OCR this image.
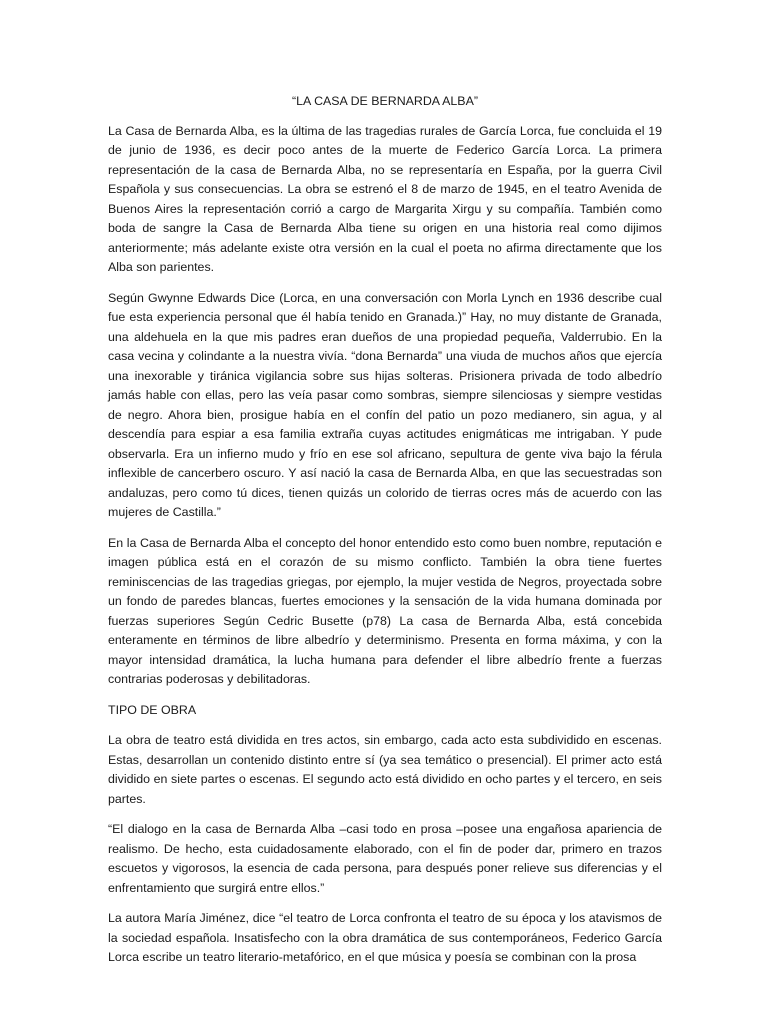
“LA CASA DE BERNARDA ALBA”

La Casa de Bernarda Alba, es la última de las tragedias rurales de García Lorca, fue concluida el 19 de junio de 1936, es decir poco antes de la muerte de Federico García Lorca. La primera representación de la casa de Bernarda Alba, no se representaría en España, por la guerra Civil Española y sus consecuencias. La obra se estrenó el 8 de marzo de 1945, en el teatro Avenida de Buenos Aires la representación corrió a cargo de Margarita Xirgu y su compañía. También como boda de sangre la Casa de Bernarda Alba tiene su origen en una historia real como dijimos anteriormente; más adelante existe otra versión en la cual el poeta no afirma directamente que los Alba son parientes.

Según Gwynne Edwards Dice (Lorca, en una conversación con Morla Lynch en 1936 describe cual fue esta experiencia personal que él había tenido en Granada.)” Hay, no muy distante de Granada, una aldehuela en la que mis padres eran dueños de una propiedad pequeña, Valderrubio. En la casa vecina y colindante a la nuestra vivía. “dona Bernarda” una viuda de muchos años que ejercía una inexorable y tiránica vigilancia sobre sus hijas solteras. Prisionera privada de todo albedrío jamás hable con ellas, pero las veía pasar como sombras, siempre silenciosas y siempre vestidas de negro. Ahora bien, prosigue había en el confín del patio un pozo medianero, sin agua, y al descendía para espiar a esa familia extraña cuyas actitudes enigmáticas me intrigaban. Y pude observarla. Era un infierno mudo y frío en ese sol africano, sepultura de gente viva bajo la férula inflexible de cancerbero oscuro. Y así nació la casa de Bernarda Alba, en que las secuestradas son andaluzas, pero como tú dices, tienen quizás un colorido de tierras ocres más de acuerdo con las mujeres de Castilla.”

En la Casa de Bernarda Alba el concepto del honor entendido esto como buen nombre, reputación e imagen pública está en el corazón de su mismo conflicto. También la obra tiene fuertes reminiscencias de las tragedias griegas, por ejemplo, la mujer vestida de Negros, proyectada sobre un fondo de paredes blancas, fuertes emociones y la sensación de la vida humana dominada por fuerzas superiores Según Cedric Busette (p78) La casa de Bernarda Alba, está concebida enteramente en términos de libre albedrío y determinismo. Presenta en forma máxima, y con la mayor intensidad dramática, la lucha humana para defender el libre albedrío frente a fuerzas contrarias poderosas y debilitadoras.

TIPO DE OBRA

La obra de teatro está dividida en tres actos, sin embargo, cada acto esta subdividido en escenas. Estas, desarrollan un contenido distinto entre sí (ya sea temático o presencial). El primer acto está dividido en siete partes o escenas. El segundo acto está dividido en ocho partes y el tercero, en seis partes.

“El dialogo en la casa de Bernarda Alba –casi todo en prosa –posee una engañosa apariencia de realismo. De hecho, esta cuidadosamente elaborado, con el fin de poder dar, primero en trazos escuetos y vigorosos, la esencia de cada persona, para después poner relieve sus diferencias y el enfrentamiento que surgirá entre ellos.”

La autora María Jiménez, dice “el teatro de Lorca confronta el teatro de su época y los atavismos de la sociedad española. Insatisfecho con la obra dramática de sus contemporáneos, Federico García Lorca escribe un teatro literario-metafórico, en el que música y poesía se combinan con la prosa
